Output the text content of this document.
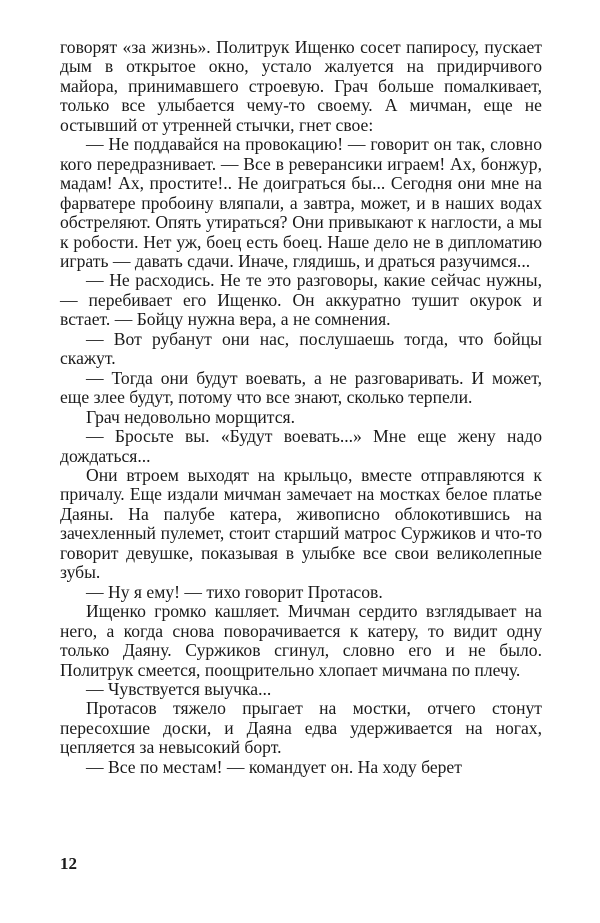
говорят «за жизнь». Политрук Ищенко сосет папиросу, пускает дым в открытое окно, устало жалуется на придирчивого майора, принимавшего строевую. Грач больше помалкивает, только все улыбается чему-то своему. А мичман, еще не остывший от утренней стычки, гнет свое:

— Не поддавайся на провокацию! — говорит он так, словно кого передразнивает. — Все в реверансики играем! Ах, бонжур, мадам! Ах, простите!.. Не доиграться бы... Сегодня они мне на фарватере пробоину вляпали, а завтра, может, и в наших водах обстреляют. Опять утираться? Они привыкают к наглости, а мы к робости. Нет уж, боец есть боец. Наше дело не в дипломатию играть — давать сдачи. Иначе, глядишь, и драться разучимся...

— Не расходись. Не те это разговоры, какие сейчас нужны, — перебивает его Ищенко. Он аккуратно тушит окурок и встает. — Бойцу нужна вера, а не сомнения.

— Вот рубанут они нас, послушаешь тогда, что бойцы скажут.

— Тогда они будут воевать, а не разговаривать. И может, еще злее будут, потому что все знают, сколько терпели.

Грач недовольно морщится.

— Бросьте вы. «Будут воевать...» Мне еще жену надо дождаться...

Они втроем выходят на крыльцо, вместе отправляются к причалу. Еще издали мичман замечает на мостках белое платье Даяны. На палубе катера, живописно облокотившись на зачехленный пулемет, стоит старший матрос Суржиков и что-то говорит девушке, показывая в улыбке все свои великолепные зубы.

— Ну я ему! — тихо говорит Протасов.

Ищенко громко кашляет. Мичман сердито взглядывает на него, а когда снова поворачивается к катеру, то видит одну только Даяну. Суржиков сгинул, словно его и не было. Политрук смеется, поощрительно хлопает мичмана по плечу.

— Чувствуется выучка...

Протасов тяжело прыгает на мостки, отчего стонут пересохшие доски, и Даяна едва удерживается на ногах, цепляется за невысокий борт.

— Все по местам! — командует он. На ходу берет

12
